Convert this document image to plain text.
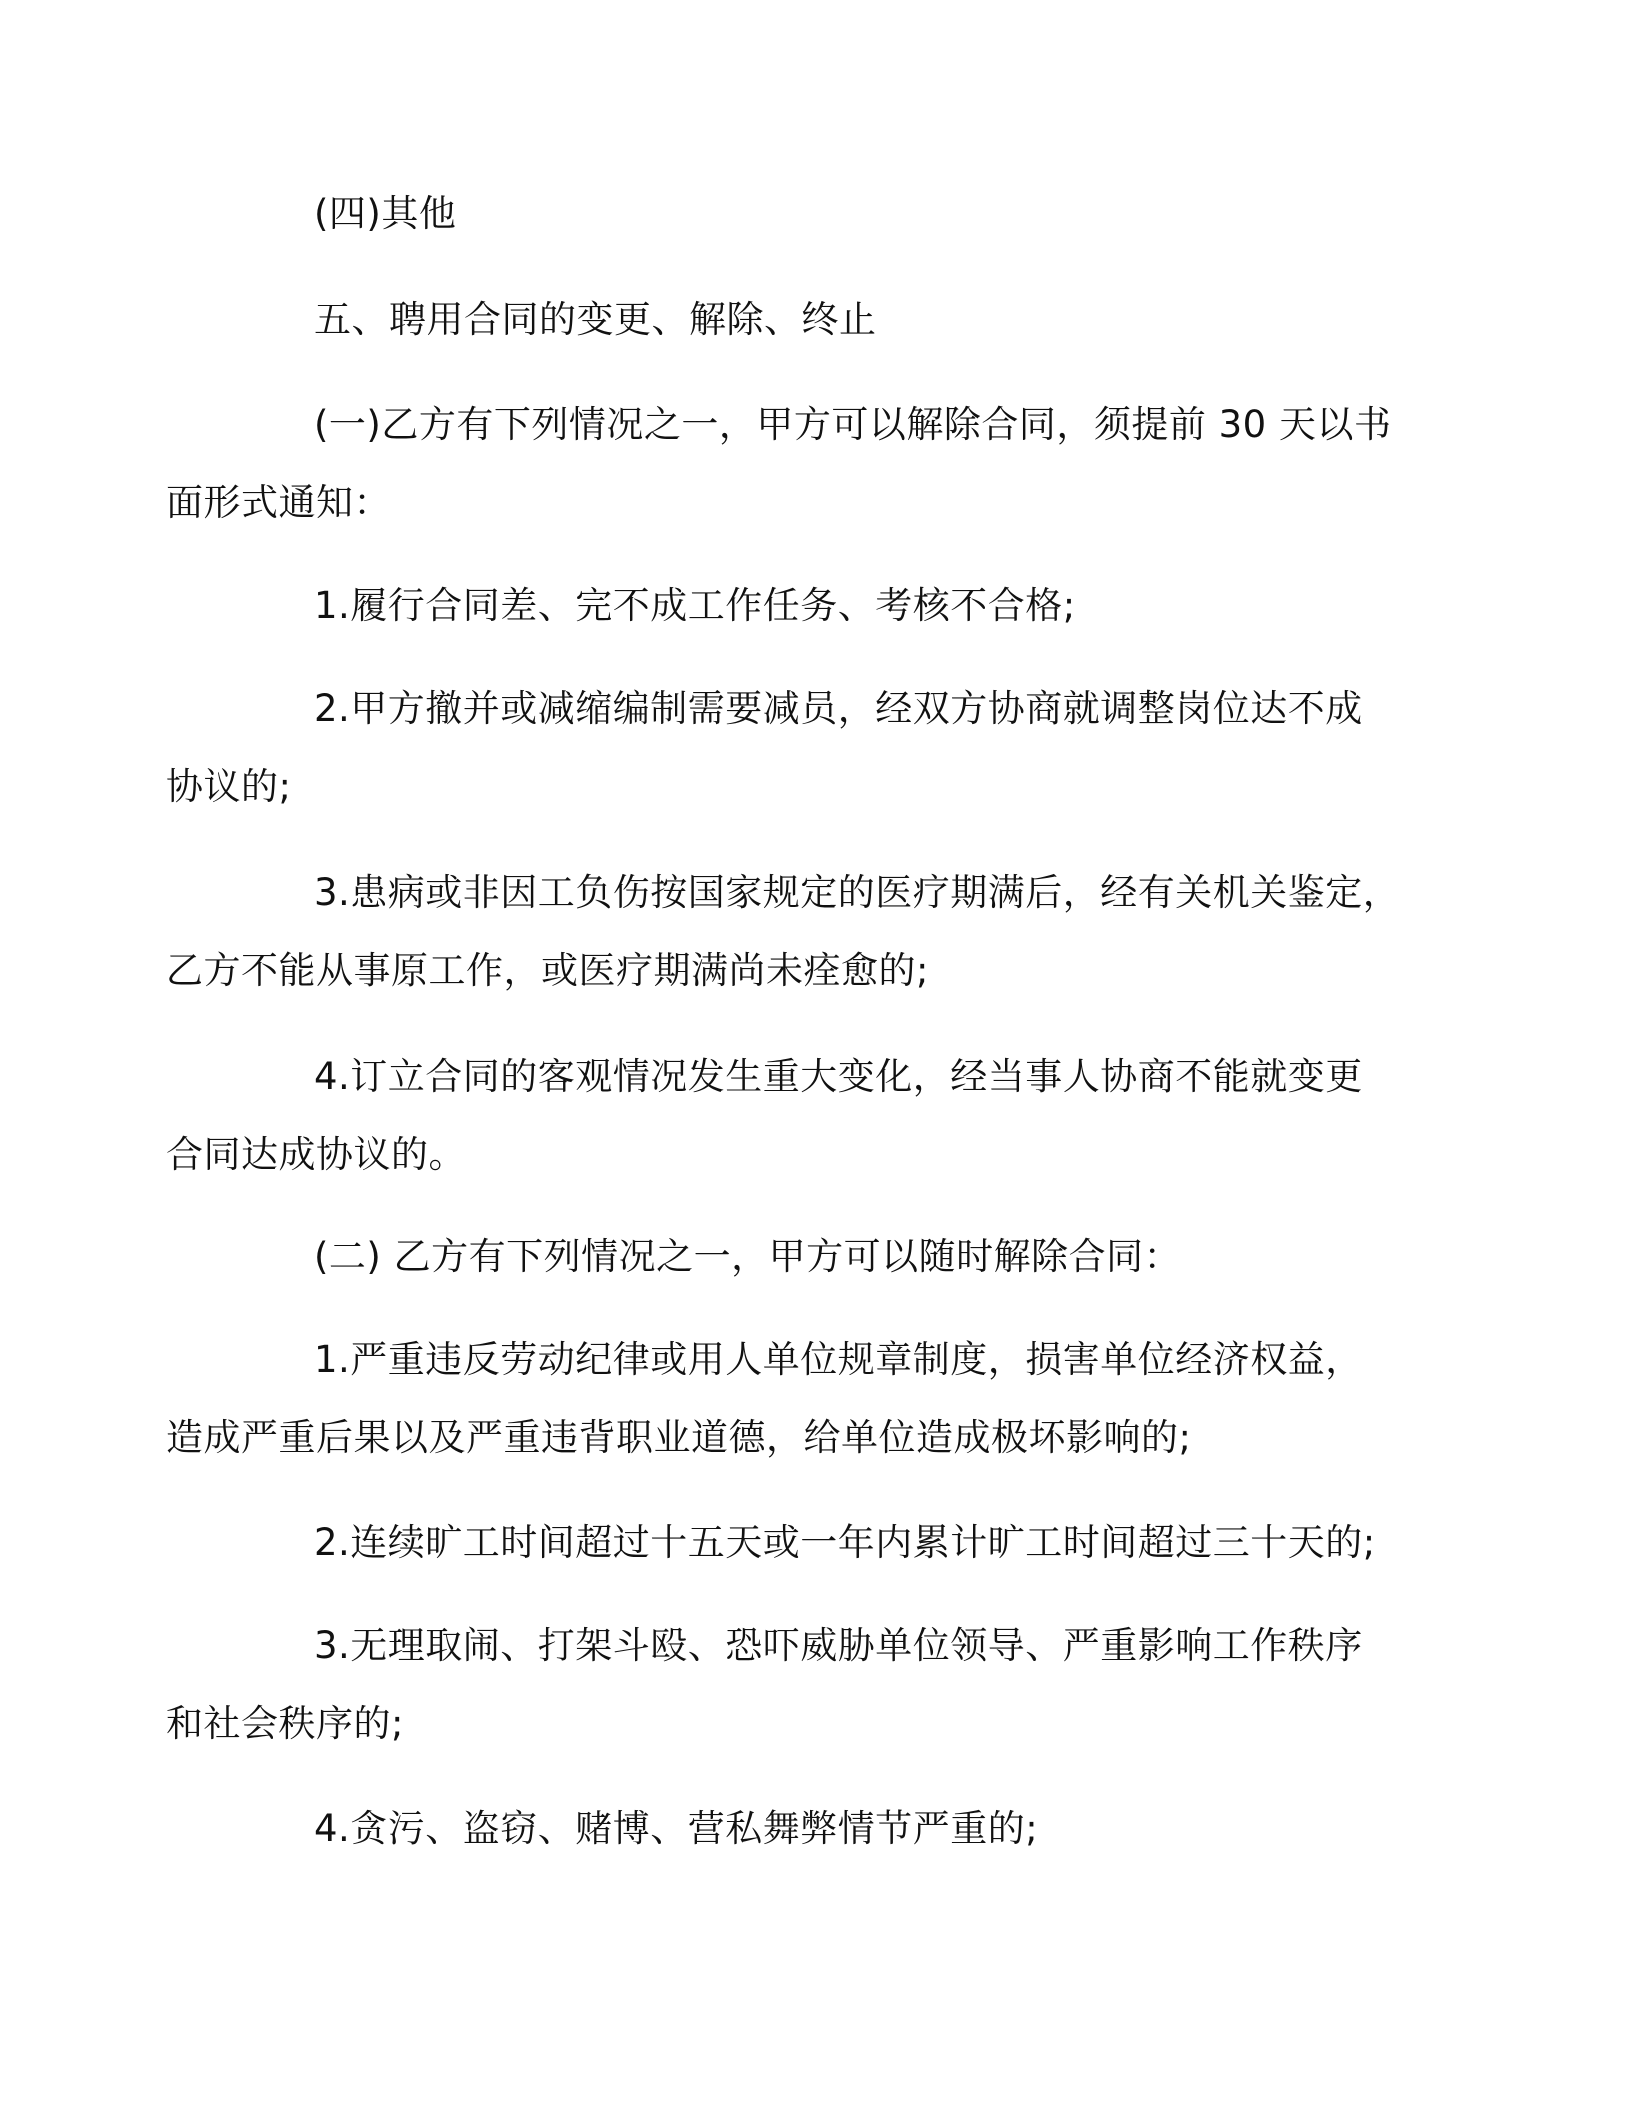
(四)其他

五、聘用合同的变更、解除、终止

(一)乙方有下列情况之一，甲方可以解除合同，须提前 30 天以书
面形式通知：

1.履行合同差、完不成工作任务、考核不合格;

2.甲方撤并或减缩编制需要减员，经双方协商就调整岗位达不成
协议的;

3.患病或非因工负伤按国家规定的医疗期满后，经有关机关鉴定，
乙方不能从事原工作，或医疗期满尚未痊愈的;

4.订立合同的客观情况发生重大变化，经当事人协商不能就变更
合同达成协议的。

(二) 乙方有下列情况之一，甲方可以随时解除合同：

1.严重违反劳动纪律或用人单位规章制度，损害单位经济权益，
造成严重后果以及严重违背职业道德，给单位造成极坏影响的;

2.连续旷工时间超过十五天或一年内累计旷工时间超过三十天的;

3.无理取闹、打架斗殴、恐吓威胁单位领导、严重影响工作秩序
和社会秩序的;

4.贪污、盗窃、赌博、营私舞弊情节严重的;
